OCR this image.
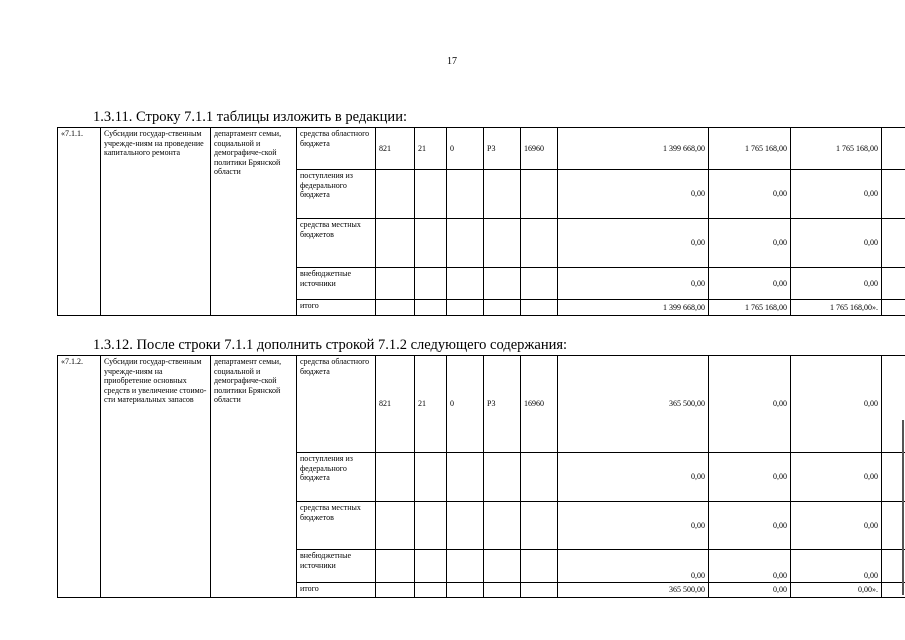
17
1.3.11. Строку 7.1.1 таблицы изложить в редакции:
«7.1.1.	Субсидии государ-ственным учрежде-ниям на проведение капитального ремонта	департамент семьи, социальной и демографиче-ской политики Брянской области	средства областного бюджета	821	21	0	Р3	16960	1 399 668,00	1 765 168,00	1 765 168,00	
			поступления из федерального бюджета						0,00	0,00	0,00	
			средства местных бюджетов						0,00	0,00	0,00	
			внебюджетные источники						0,00	0,00	0,00	
			итого						1 399 668,00	1 765 168,00	1 765 168,00».	
1.3.12. После строки 7.1.1 дополнить строкой 7.1.2 следующего содержания:
«7.1.2.	Субсидии государ-ственным учрежде-ниям на приобретение основных средств и увеличение стоимо-сти материальных запасов	департамент семьи, социальной и демографиче-ской политики Брянской области	средства областного бюджета	821	21	0	Р3	16960	365 500,00	0,00	0,00	
			поступления из федерального бюджета						0,00	0,00	0,00	
			средства местных бюджетов						0,00	0,00	0,00	
			внебюджетные источники						0,00	0,00	0,00	
			итого						365 500,00	0,00	0,00».	
